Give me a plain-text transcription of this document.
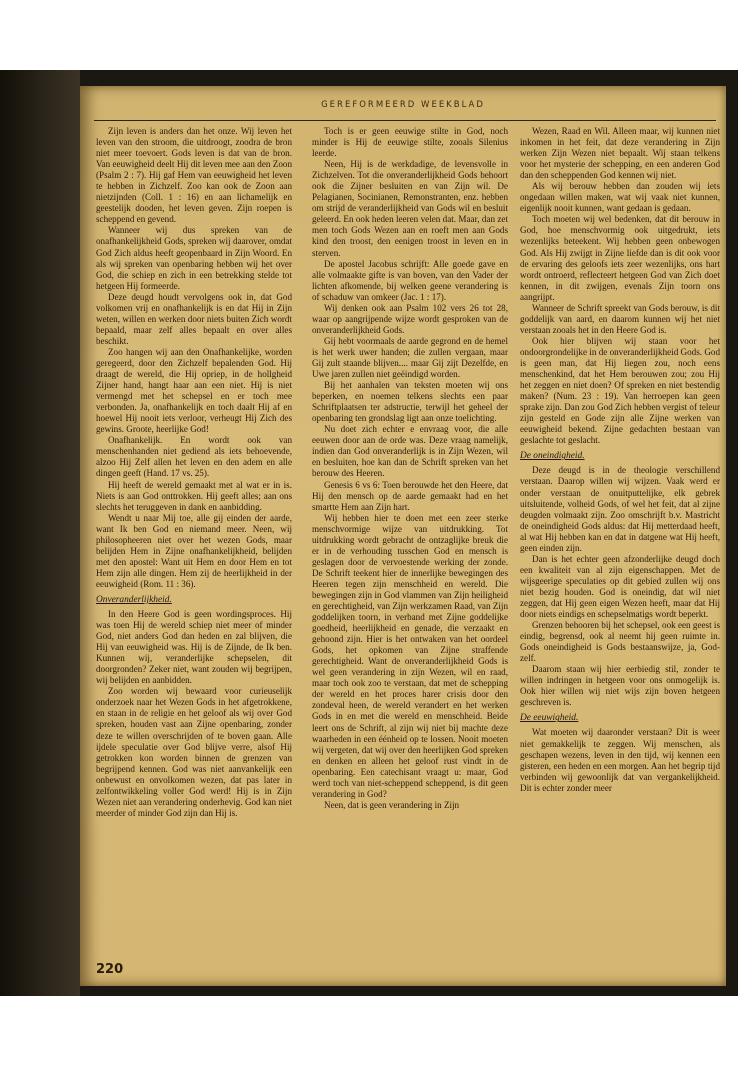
GEREFORMEERD WEEKBLAD

Zijn leven is anders dan het onze. Wij leven het leven van den stroom, die uitdroogt, zoodra de bron niet meer toevoert. Gods leven is dat van de bron. Van eeuwigheid deelt Hij dit leven mee aan den Zoon (Psalm 2 : 7). Hij gaf Hem van eeuwigheid het leven te hebben in Zichzelf. Zoo kan ook de Zoon aan nietzijnden (Coll. 1 : 16) en aan lichamelijk en geestelijk dooden, het leven geven. Zijn roepen is scheppend en gevend.

Wanneer wij dus spreken van de onafhankelijkheid Gods, spreken wij daarover, omdat God Zich aldus heeft geopenbaard in Zijn Woord. En als wij spreken van openbaring hebben wij het over God, die schiep en zich in een betrekking stelde tot hetgeen Hij formeerde.

Deze deugd houdt vervolgens ook in, dat God volkomen vrij en onafhankelijk is en dat Hij in Zijn weten, willen en werken door niets buiten Zich wordt bepaald, maar zelf alles bepaalt en over alles beschikt.

Zoo hangen wij aan den Onafhankelijke, worden geregeerd, door den Zichzelf bepalenden God. Hij draagt de wereld, die Hij opriep, in de hollgheid Zijner hand, hangt haar aan een niet. Hij is niet vermengd met het schepsel en er toch mee verbonden. Ja, onafhankelijk en toch daalt Hij af en hoewel Hij nooit iets verloor, verheugt Hij Zich des gewins. Groote, heerlijke God!

Onafhankelijk. En wordt ook van menschenhanden niet gediend als iets behoevende, alzoo Hij Zelf allen het leven en den adem en alle dingen geeft (Hand. 17 vs. 25).

Hij heeft de wereld gemaakt met al wat er in is. Niets is aan God onttrokken. Hij geeft alles; aan ons slechts het teruggeven in dank en aanbidding.

Wendt u naar Mij toe, alle gij einden der aarde, want Ik ben God en niemand meer. Neen, wij philosopheeren niet over het wezen Gods, maar belijden Hem in Zijne onafhankelijkheid, belijden met den apostel: Want uit Hem en door Hem en tot Hem zijn alle dingen. Hem zij de heerlijkheid in der eeuwigheid (Rom. 11 : 36).

Onveranderlijkheid.

In den Heere God is geen wordingsproces. Hij was toen Hij de wereld schiep niet meer of minder God, niet anders God dan heden en zal blijven, die Hij van eeuwigheid was. Hij is de Zijnde, de Ik ben. Kunnen wij, veranderlijke schepselen, dit doorgronden? Zeker niet, want zouden wij begrijpen, wij belijden en aanbidden.

Zoo worden wij bewaard voor curieuselijk onderzoek naar het Wezen Gods in het afgetrokkene, en staan in de religie en het geloof als wij over God spreken, houden vast aan Zijne openbaring, zonder deze te willen overschrijden of te boven gaan. Alle ijdele speculatie over God blijve verre, alsof Hij getrokken kon worden binnen de grenzen van begrijpend kennen. God was niet aanvankelijk een onbewust en onvolkomen wezen, dat pas later in zelfontwikkeling voller God werd! Hij is in Zijn Wezen niet aan verandering onderhevig. God kan niet meerder of minder God zijn dan Hij is.

Toch is er geen eeuwige stilte in God, noch minder is Hij de eeuwige stilte, zooals Silenius leerde.

Neen, Hij is de werkdadige, de levensvolle in Zichzelven. Tot die onveranderlijkheid Gods behoort ook die Zijner besluiten en van Zijn wil. De Pelagianen, Socinianen, Remonstranten, enz. hebben om strijd de veranderlijkheid van Gods wil en besluit geleerd. En ook heden leeren velen dat. Maar, dan zet men toch Gods Wezen aan en roeft men aan Gods kind den troost, den eenigen troost in leven en in sterven.

De apostel Jacobus schrijft: Alle goede gave en alle volmaakte gifte is van boven, van den Vader der lichten afkomende, bij welken geene verandering is of schaduw van omkeer (Jac. 1 : 17).

Wij denken ook aan Psalm 102 vers 26 tot 28, waar op aangrijpende wijze wordt gesproken van de onveranderlijkheid Gods.

Gij hebt voormaals de aarde gegrond en de hemel is het werk uwer handen; die zullen vergaan, maar Gij zult staande blijven.... maar Gij zijt Dezelfde, en Uwe jaren zullen niet geëindigd worden.

Bij het aanhalen van teksten moeten wij ons beperken, en noemen telkens slechts een paar Schriftplaatsen ter adstructie, terwijl het geheel der openbaring ten grondslag ligt aan onze toelichting.

Nu doet zich echter e envraag voor, die alle eeuwen door aan de orde was. Deze vraag namelijk, indien dan God onveranderlijk is in Zijn Wezen, wil en besluiten, hoe kan dan de Schrift spreken van het berouw des Heeren.

Genesis 6 vs 6: Toen berouwde het den Heere, dat Hij den mensch op de aarde gemaakt had en het smartte Hem aan Zijn hart.

Wij hebben hier te doen met een zeer sterke menschvormige wijze van uitdrukking. Tot uitdrukking wordt gebracht de ontzaglijke breuk die er in de verhouding tusschen God en mensch is geslagen door de vervoestende werking der zonde. De Schrift teekent hier de innerlijke bewegingen des Heeren tegen zijn menschheid en wereld. Die bewegingen zijn in God vlammen van Zijn heiligheid en gerechtigheid, van Zijn werkzamen Raad, van Zijn goddelijken toorn, in verband met Zijne goddelijke goedheid, heerlijkheid en genade, die verzaakt en gehoond zijn. Hier is het ontwaken van het oordeel Gods, het opkomen van Zijne straffende gerechtigheid. Want de onveranderlijkheid Gods is wel geen verandering in zijn Wezen, wil en raad, maar toch ook zoo te verstaan, dat met de schepping der wereld en het proces harer crisis door den zondeval heen, de wereld verandert en het werken Gods in en met die wereld en menschheid. Beide leert ons de Schrift, al zijn wij niet bij machte deze waarheden in een éénheid op te lossen. Nooit moeten wij vergeten, dat wij over den heerlijken God spreken en denken en alleen het geloof rust vindt in de openbaring. Een catechisant vraagt u: maar, God werd toch van niet-scheppend scheppend, is dit geen verandering in God?

Neen, dat is geen verandering in Zijn

Wezen, Raad en Wil. Alleen maar, wij kunnen niet inkomen in het feit, dat deze verandering in Zijn werken Zijn Wezen niet bepaalt. Wij staan telkens voor het mysterie der schepping, en een anderen God dan den scheppenden God kennen wij niet.

Als wij berouw hebben dan zouden wij iets ongedaan willen maken, wat wij vaak niet kunnen, eigenlijk nooit kunnen, want gedaan is gedaan.

Toch moeten wij wel bedenken, dat dit berouw in God, hoe menschvormig ook uitgedrukt, iets wezenlijks beteekent. Wij hebben geen onbewogen God. Als Hij zwijgt in Zijne liefde dan is dit ook voor de ervaring des geloofs iets zeer wezenlijks, ons hart wordt ontroerd, reflecteert hetgeen God van Zich doet kennen, in dit zwijgen, evenals Zijn toorn ons aangrijpt.

Wanneer de Schrift spreekt van Gods berouw, is dit goddelijk van aard, en daarom kunnen wij het niet verstaan zooals het in den Heere God is.

Ook hier blijven wij staan voor het ondoorgrondelijke in de onveranderlijkheid Gods. God is geen man, dat Hij liegen zou, noch eens menschenkind, dat het Hem berouwen zou; zou Hij het zeggen en niet doen? Of spreken en niet bestendig maken? (Num. 23 : 19). Van herroepen kan geen sprake zijn. Dan zou God Zich hebben vergist of teleur zijn gesteld en Gode zijn alle Zijne werken van eeuwigheid bekend. Zijne gedachten bestaan van geslachte tot geslacht.

De oneindigheid.

Deze deugd is in de theologie verschillend verstaan. Daarop willen wij wijzen. Vaak werd er onder verstaan de onuitputtelijke, elk gebrek uitsluitende, volheid Gods, of wel het feit, dat al zijne deugden volmaakt zijn. Zoo omschrijft b.v. Mastricht de oneindigheid Gods aldus: dat Hij metterdaad heeft, al wat Hij hebben kan en dat in datgene wat Hij heeft, geen einden zijn.

Dan is het echter geen afzonderlijke deugd doch een kwaliteit van al zijn eigenschappen. Met de wijsgeerige speculaties op dit gebied zullen wij ons niet bezig houden. God is oneindig, dat wil niet zeggen, dat Hij geen eigen Wezen heeft, maar dat Hij door niets eindigs en schepselmatigs wordt beperkt.

Grenzen behooren bij het schepsel, ook een geest is eindig, begrensd, ook al neemt hij geen ruimte in. Gods oneindigheid is Gods bestaanswijze, ja, God-zelf.

Daarom staan wij hier eerbiedig stil, zonder te willen indringen in hetgeen voor ons onmogelijk is. Ook hier willen wij niet wijs zijn boven hetgeen geschreven is.

De eeuwigheid.

Wat moeten wij daaronder verstaan? Dit is weer niet gemakkelijk te zeggen. Wij menschen, als geschapen wezens, leven in den tijd, wij kennen een gisteren, een heden en een morgen. Aan het begrip tijd verbinden wij gewoonlijk dat van vergankelijkheid. Dit is echter zonder meer

220
